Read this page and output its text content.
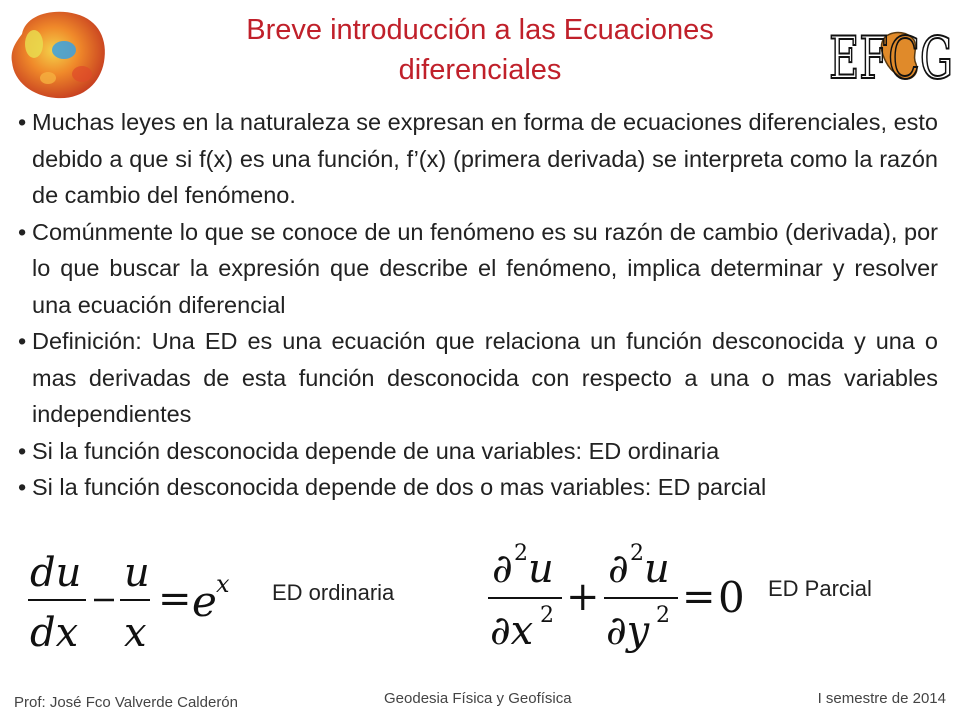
Breve introducción a las Ecuaciones
diferenciales	EFCG
• Muchas leyes en la naturaleza se expresan en forma de ecuaciones diferenciales, esto debido a que si f(x) es una función, f’(x) (primera derivada) se interpreta como la razón de cambio del fenómeno.
• Comúnmente lo que se conoce de un fenómeno es su razón de cambio (derivada), por lo que buscar la expresión que describe el fenómeno, implica determinar y resolver una ecuación diferencial
• Definición: Una ED es una ecuación que relaciona un función desconocida y una o mas derivadas de esta función desconocida con respecto a una o mas variables independientes
• Si la función desconocida depende de una variables: ED ordinaria
• Si la función desconocida depende de dos o mas variables: ED parcial
du
dx
u
x
= e x ED ordinaria
∂ 2 u
∂x 2 +
∂ 2 u
∂y 2 = 0 ED Parcial
Prof: José Fco Valverde Calderón	Geodesia Física y Geofísica	I semestre de 2014
